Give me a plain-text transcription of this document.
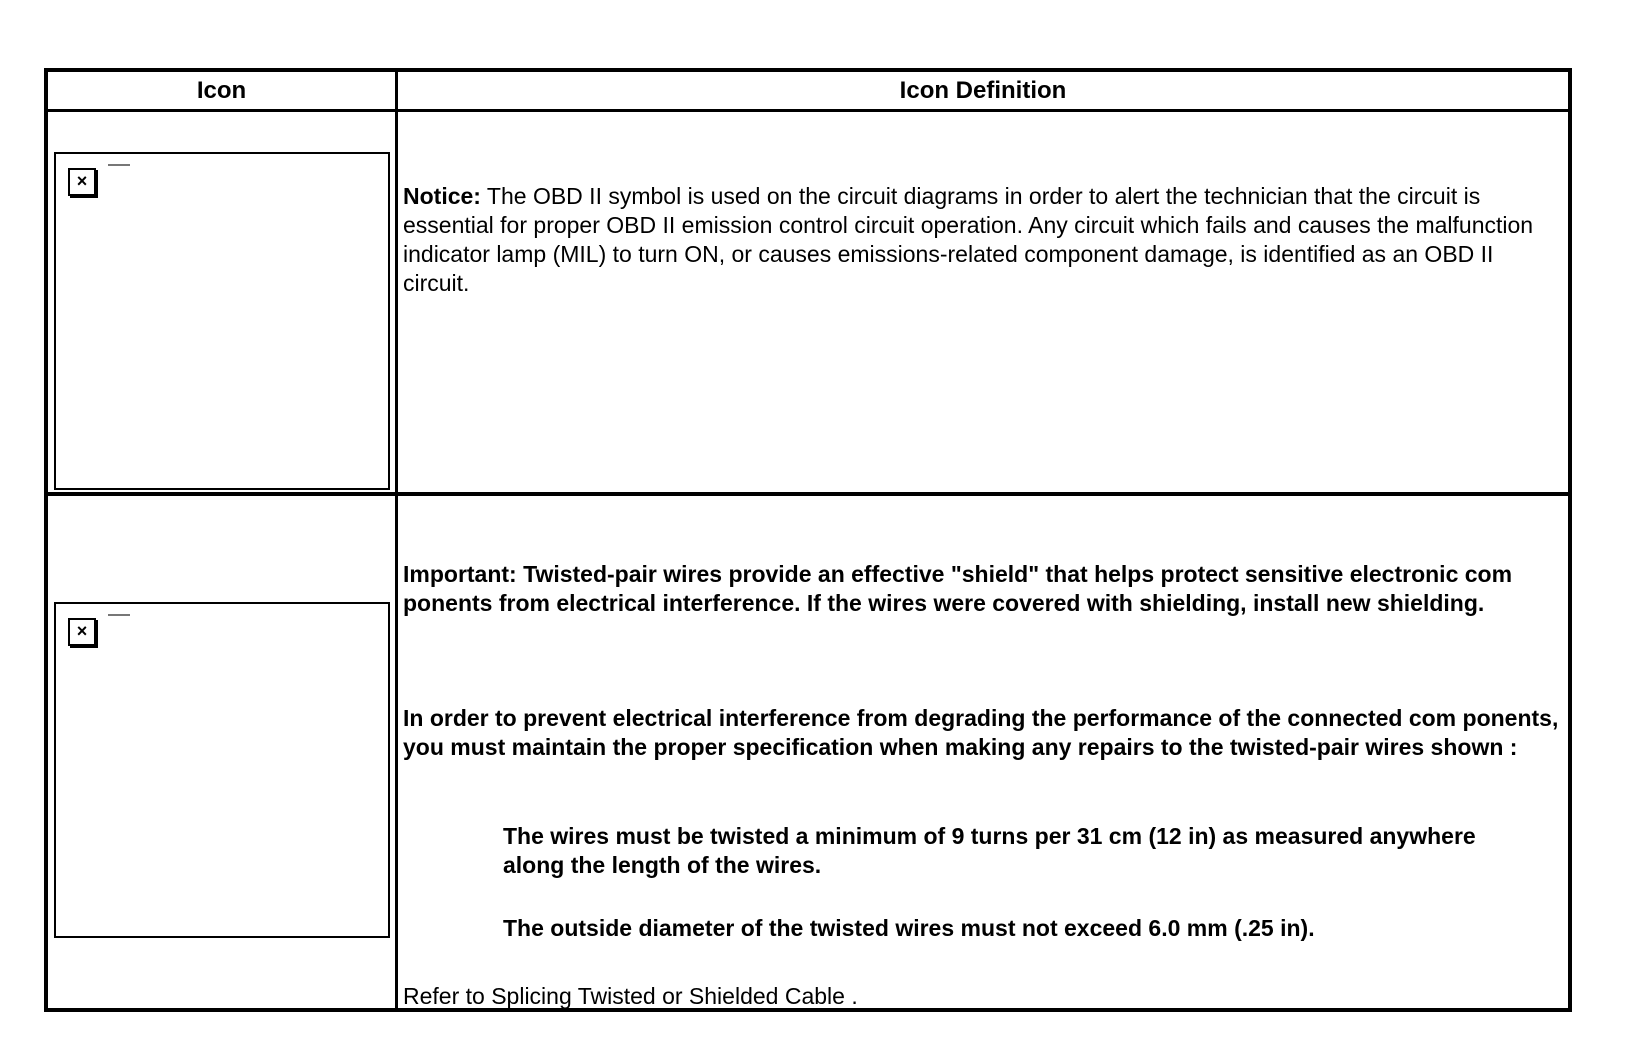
Icon	Icon Definition
×
Notice: The OBD II symbol is used on the circuit diagrams in order to alert the technician that the circuit is essential for proper OBD II emission control circuit operation. Any circuit which fails and causes the malfunction indicator lamp (MIL) to turn ON, or causes emissions-related component damage, is identified as an OBD II circuit.
×
Important: Twisted-pair wires provide an effective "shield" that helps protect sensitive electronic com ponents from electrical interference. If the wires were covered with shielding, install new shielding.
In order to prevent electrical interference from degrading the performance of the connected com ponents, you must maintain the proper specification when making any repairs to the twisted-pair wires shown :
The wires must be twisted a minimum of 9 turns per 31 cm (12 in) as measured anywhere along the length of the wires.
The outside diameter of the twisted wires must not exceed 6.0 mm (.25 in).
Refer to Splicing Twisted or Shielded Cable .
